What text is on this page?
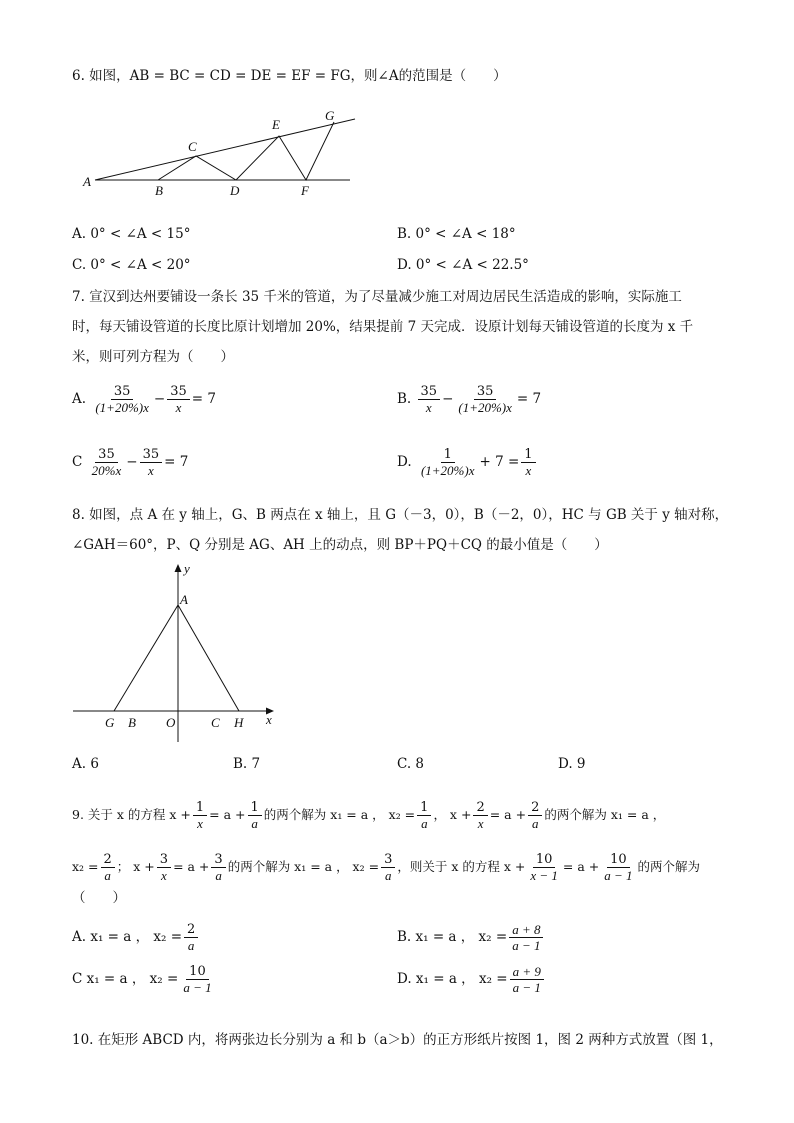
6. 如图，AB = BC = CD = DE = EF = FG，则∠A的范围是（　　）
A
B
C
D
E
F
G
A. 0° < ∠A < 15°	B. 0° < ∠A < 18°
C. 0° < ∠A < 20°	D. 0° < ∠A < 22.5°
7. 宣汉到达州要铺设一条长 35 千米的管道，为了尽量减少施工对周边居民生活造成的影响，实际施工
时，每天铺设管道的长度比原计划增加 20%，结果提前 7 天完成．设原计划每天铺设管道的长度为 x 千
米，则可列方程为（　　）
A. $\frac{35}{(1+20\%)x} - \frac{35}{x} = 7$	B. $\frac{35}{x} - \frac{35}{(1+20\%)x} = 7$
C $\frac{35}{20\%x} - \frac{35}{x} = 7$	D. $\frac{1}{(1+20\%)x} + 7 = \frac{1}{x}$
8. 如图，点 A 在 y 轴上，G、B 两点在 x 轴上，且 G（－3，0），B（－2，0），HC 与 GB 关于 y 轴对称，
∠GAH＝60°，P、Q 分别是 AG、AH 上的动点，则 BP＋PQ＋CQ 的最小值是（　　）
y
x
A
G B O	C H
A. 6	B. 7	C. 8	D. 9
9. 关于 x 的方程 $x + \frac{1}{x} = a + \frac{1}{a}$ 的两个解为 x₁ = a ， $x_2 = \frac{1}{a}$ ， $x + \frac{2}{x} = a + \frac{2}{a}$ 的两个解为 x₁ = a ，
$x_2 = \frac{2}{a}$ ； $x + \frac{3}{x} = a + \frac{3}{a}$ 的两个解为 x₁ = a ， $x_2 = \frac{3}{a}$ ，则关于 x 的方程 $x + \frac{10}{x - 1} = a + \frac{10}{a - 1}$ 的两个解为
（　　）
A. x₁ = a ， $x_2 = \frac{2}{a}$	B. x₁ = a ， $x_2 = \frac{a + 8}{a - 1}$
C x₁ = a ， $x_2 = \frac{10}{a - 1}$	D. x₁ = a ， $x_2 = \frac{a + 9}{a - 1}$
10. 在矩形 ABCD 内，将两张边长分别为 a 和 b（a＞b）的正方形纸片按图 1，图 2 两种方式放置（图 1，
